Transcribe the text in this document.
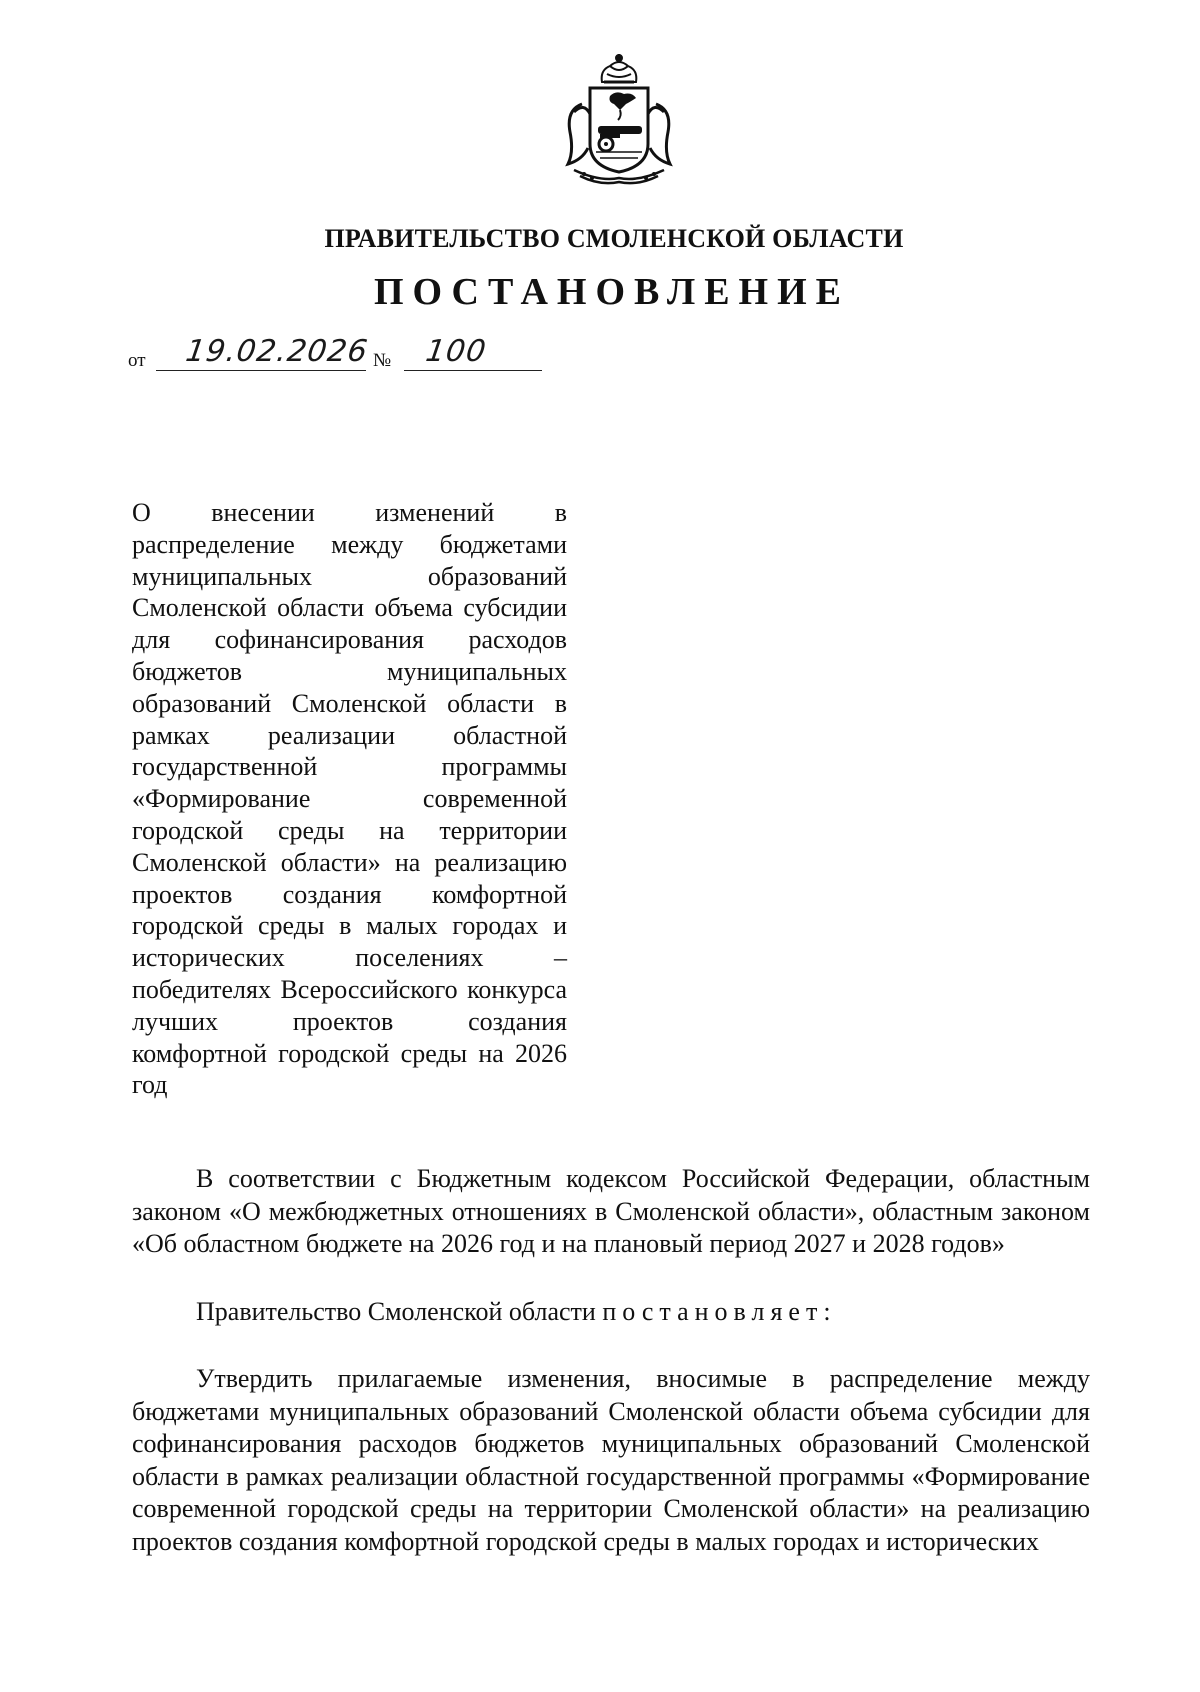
ПРАВИТЕЛЬСТВО СМОЛЕНСКОЙ ОБЛАСТИ
ПОСТАНОВЛЕНИЕ
от 19.02.2026 № 100
О внесении изменений в распределение между бюджетами муниципальных образований Смоленской области объема субсидии для софинансирования расходов бюджетов муниципальных образований Смоленской области в рамках реализации областной государственной программы «Формирование современной городской среды на территории Смоленской области» на реализацию проектов создания комфортной городской среды в малых городах и исторических поселениях – победителях Всероссийского конкурса лучших проектов создания комфортной городской среды на 2026 год
В соответствии с Бюджетным кодексом Российской Федерации, областным законом «О межбюджетных отношениях в Смоленской области», областным законом «Об областном бюджете на 2026 год и на плановый период 2027 и 2028 годов»
Правительство Смоленской области постановляет:
Утвердить прилагаемые изменения, вносимые в распределение между бюджетами муниципальных образований Смоленской области объема субсидии для софинансирования расходов бюджетов муниципальных образований Смоленской области в рамках реализации областной государственной программы «Формирование современной городской среды на территории Смоленской области» на реализацию проектов создания комфортной городской среды в малых городах и исторических
